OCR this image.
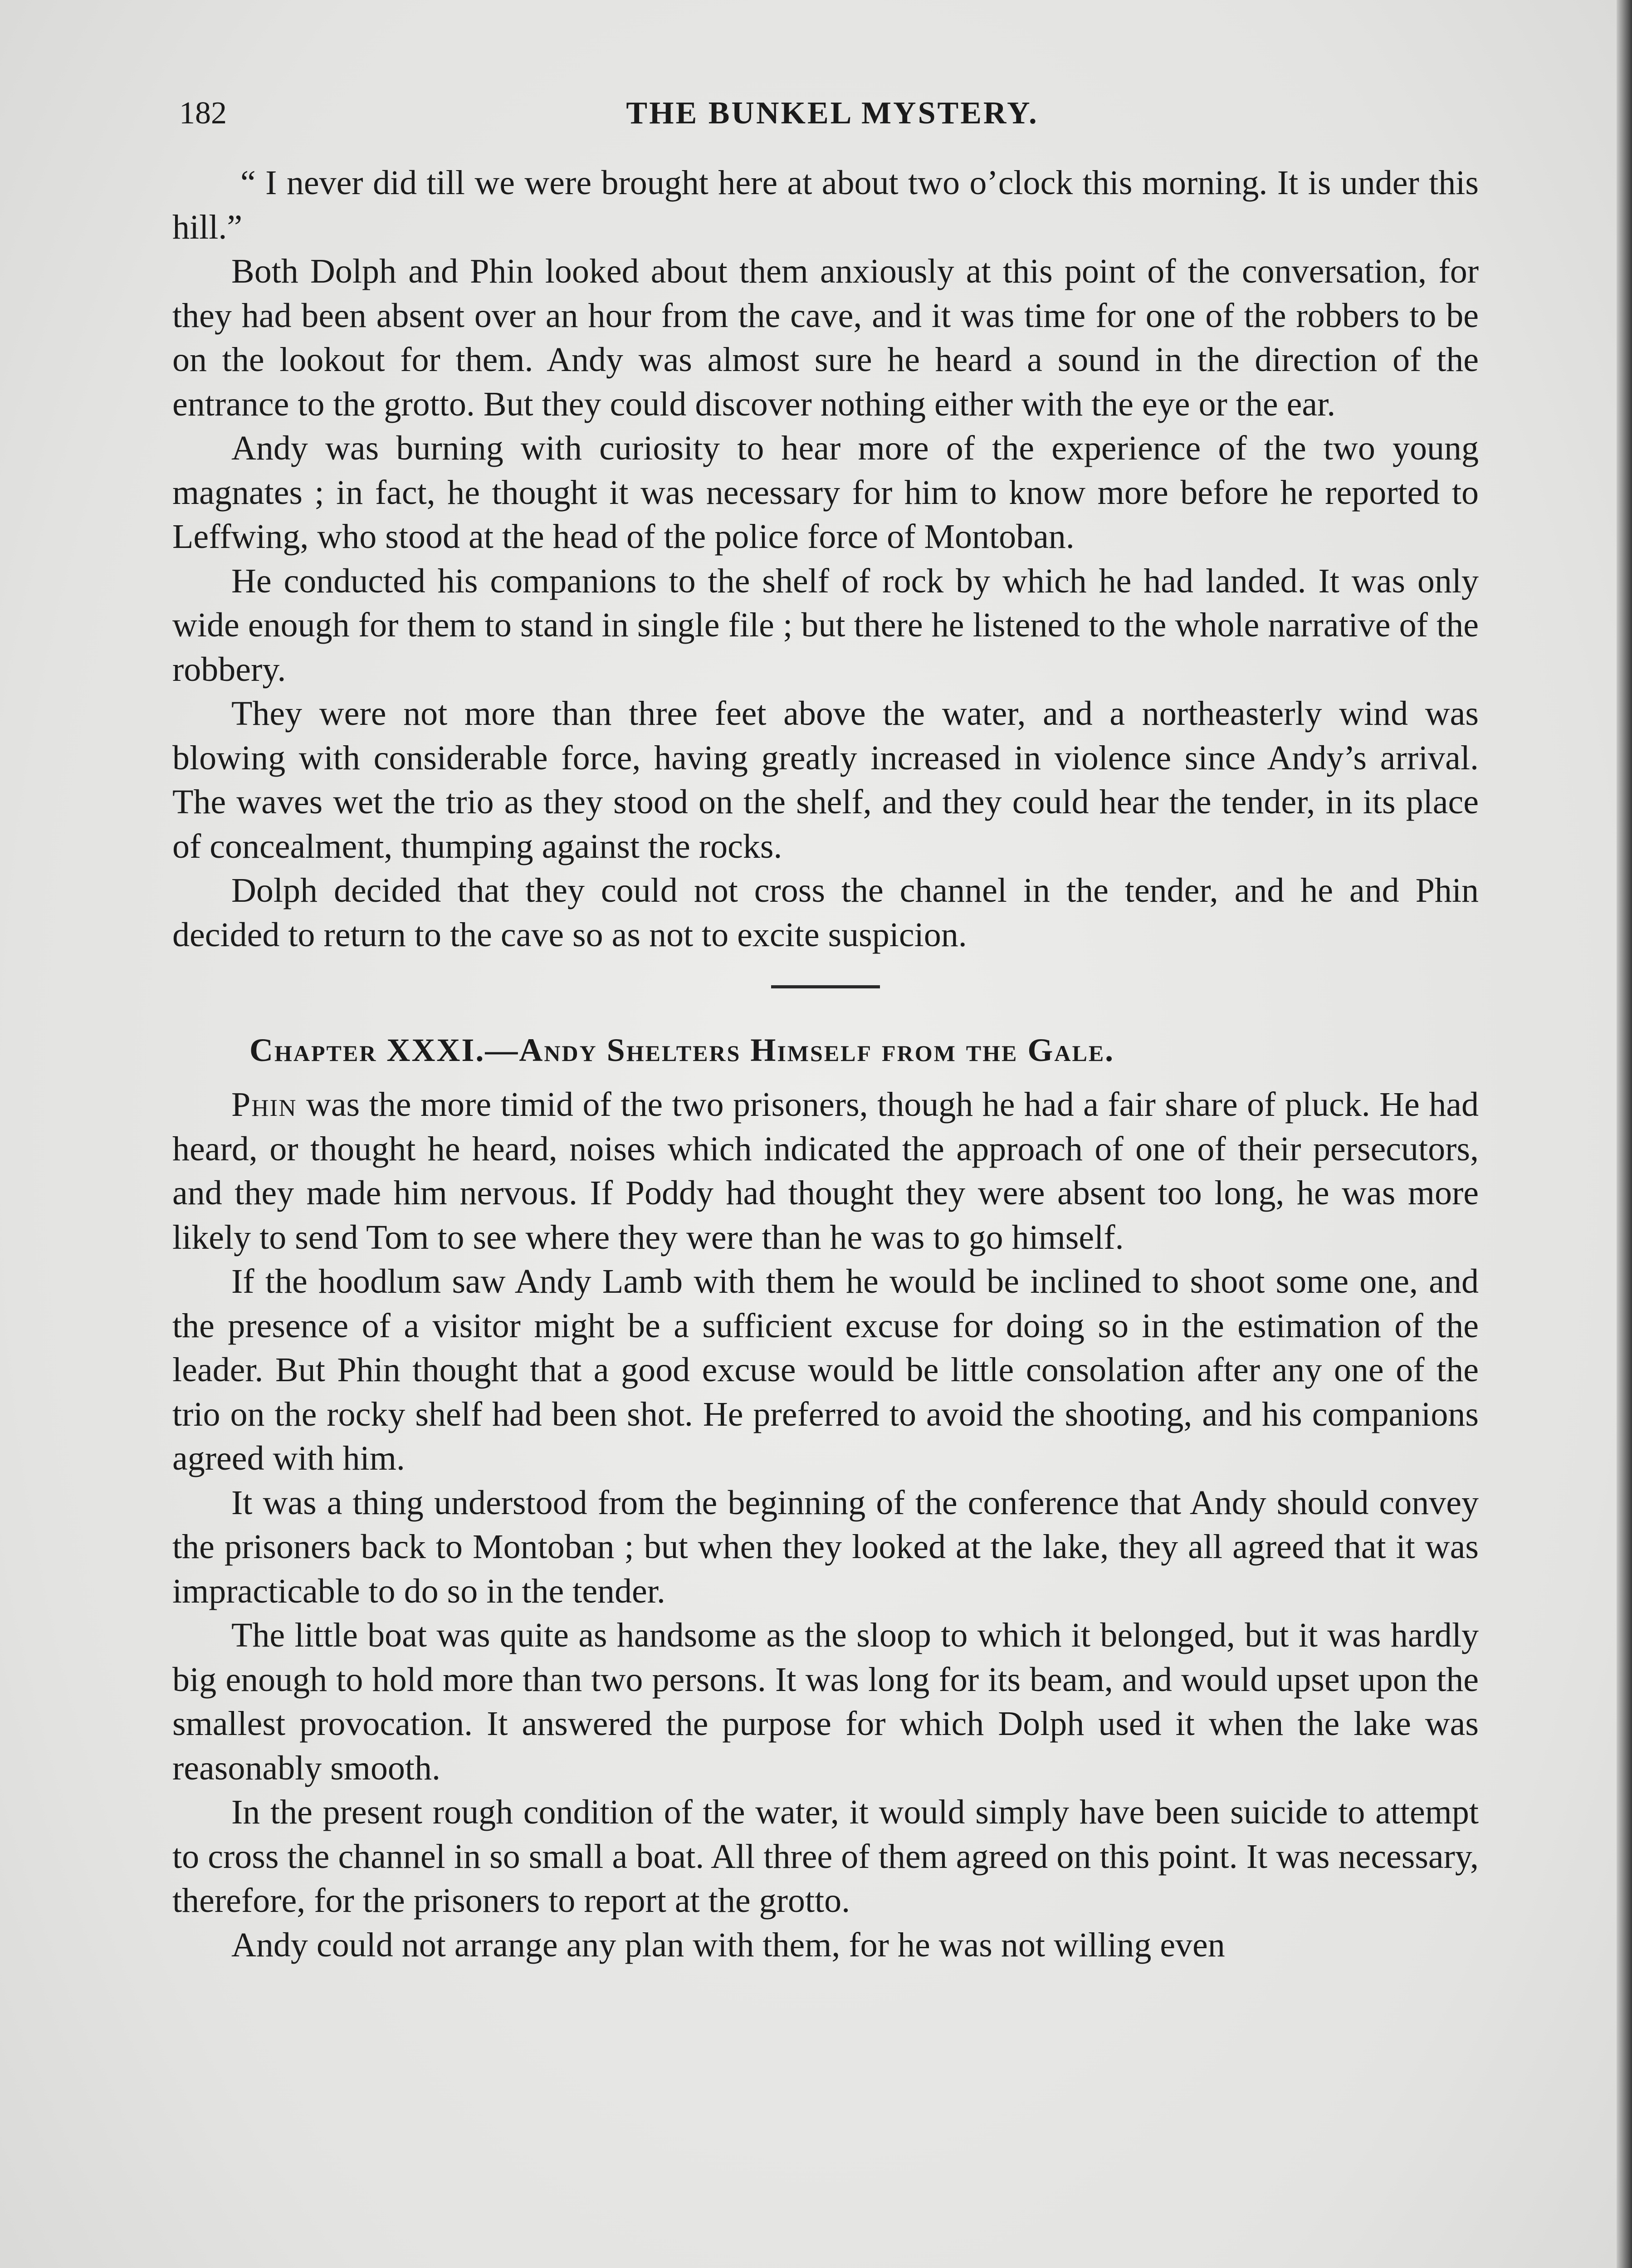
182	THE BUNKEL MYSTERY.

“ I never did till we were brought here at about two o’clock this morning. It is under this hill.”

Both Dolph and Phin looked about them anxiously at this point of the conversation, for they had been absent over an hour from the cave, and it was time for one of the robbers to be on the lookout for them. Andy was almost sure he heard a sound in the direction of the entrance to the grotto. But they could discover nothing either with the eye or the ear.

Andy was burning with curiosity to hear more of the experience of the two young magnates ; in fact, he thought it was necessary for him to know more before he reported to Leffwing, who stood at the head of the police force of Montoban.

He conducted his companions to the shelf of rock by which he had landed. It was only wide enough for them to stand in single file ; but there he listened to the whole narrative of the robbery.

They were not more than three feet above the water, and a northeasterly wind was blowing with considerable force, having greatly increased in violence since Andy’s arrival. The waves wet the trio as they stood on the shelf, and they could hear the tender, in its place of concealment, thumping against the rocks.

Dolph decided that they could not cross the channel in the tender, and he and Phin decided to return to the cave so as not to excite suspicion.

Chapter XXXI.—Andy Shelters Himself from the Gale.

Phin was the more timid of the two prisoners, though he had a fair share of pluck. He had heard, or thought he heard, noises which indicated the approach of one of their persecutors, and they made him nervous. If Poddy had thought they were absent too long, he was more likely to send Tom to see where they were than he was to go himself.

If the hoodlum saw Andy Lamb with them he would be inclined to shoot some one, and the presence of a visitor might be a sufficient excuse for doing so in the estimation of the leader. But Phin thought that a good excuse would be little consolation after any one of the trio on the rocky shelf had been shot. He preferred to avoid the shooting, and his companions agreed with him.

It was a thing understood from the beginning of the conference that Andy should convey the prisoners back to Montoban ; but when they looked at the lake, they all agreed that it was impracticable to do so in the tender.

The little boat was quite as handsome as the sloop to which it belonged, but it was hardly big enough to hold more than two persons. It was long for its beam, and would upset upon the smallest provocation. It answered the purpose for which Dolph used it when the lake was reasonably smooth.

In the present rough condition of the water, it would simply have been suicide to attempt to cross the channel in so small a boat. All three of them agreed on this point. It was necessary, therefore, for the prisoners to report at the grotto.

Andy could not arrange any plan with them, for he was not willing even
